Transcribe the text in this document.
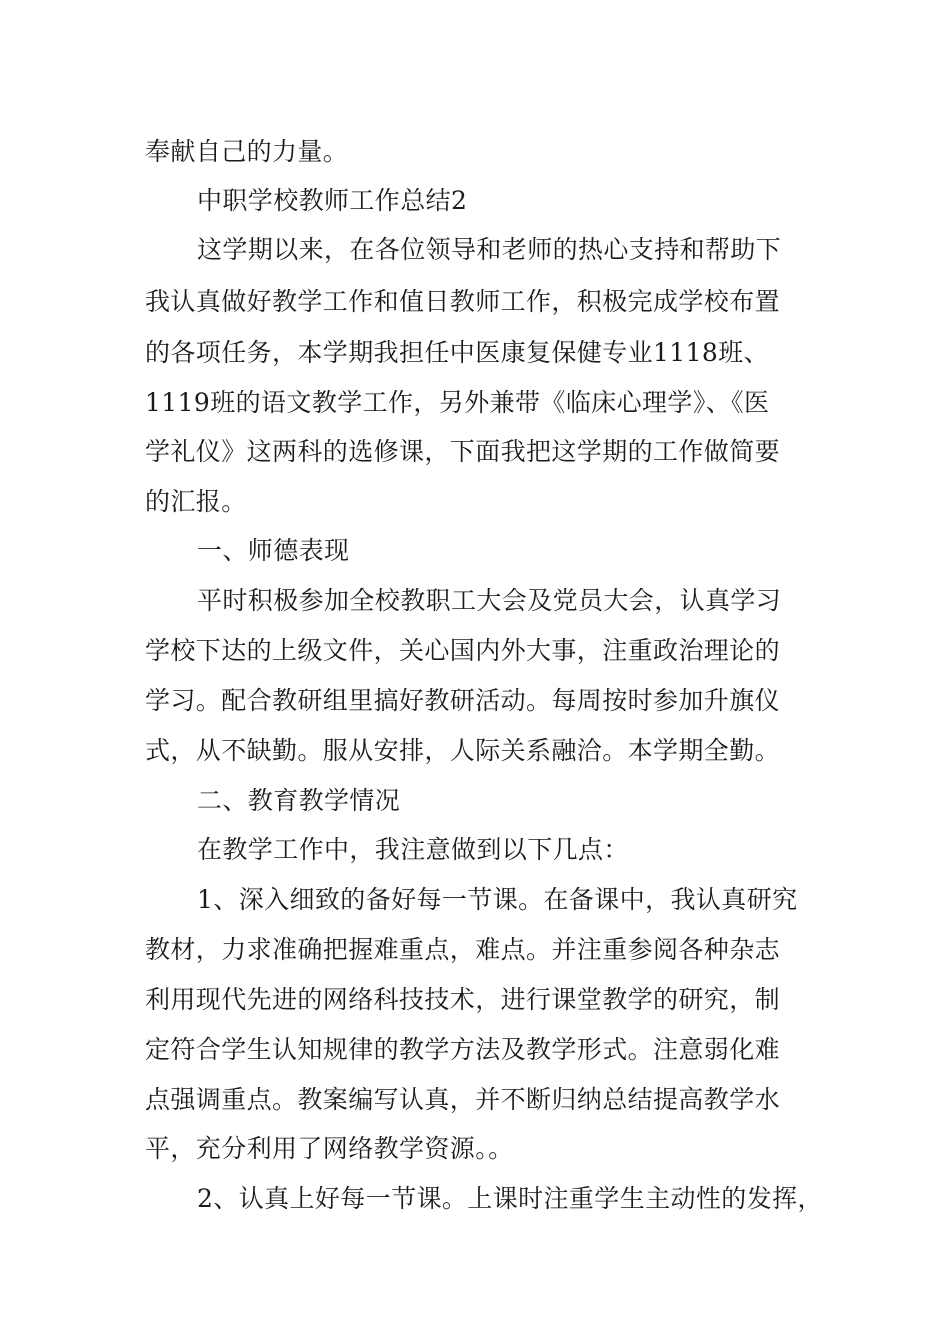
奉献自己的力量。
中职学校教师工作总结2
这学期以来，在各位领导和老师的热心支持和帮助下
我认真做好教学工作和值日教师工作，积极完成学校布置
的各项任务，本学期我担任中医康复保健专业1118班、
1119班的语文教学工作，另外兼带《临床心理学》、《医
学礼仪》这两科的选修课，下面我把这学期的工作做简要
的汇报。
一、师德表现
平时积极参加全校教职工大会及党员大会，认真学习
学校下达的上级文件，关心国内外大事，注重政治理论的
学习。配合教研组里搞好教研活动。每周按时参加升旗仪
式，从不缺勤。服从安排，人际关系融洽。本学期全勤。
二、教育教学情况
在教学工作中，我注意做到以下几点：
1、深入细致的备好每一节课。在备课中，我认真研究
教材，力求准确把握难重点，难点。并注重参阅各种杂志
利用现代先进的网络科技技术，进行课堂教学的研究，制
定符合学生认知规律的教学方法及教学形式。注意弱化难
点强调重点。教案编写认真，并不断归纳总结提高教学水
平，充分利用了网络教学资源。。
2、认真上好每一节课。上课时注重学生主动性的发挥，
